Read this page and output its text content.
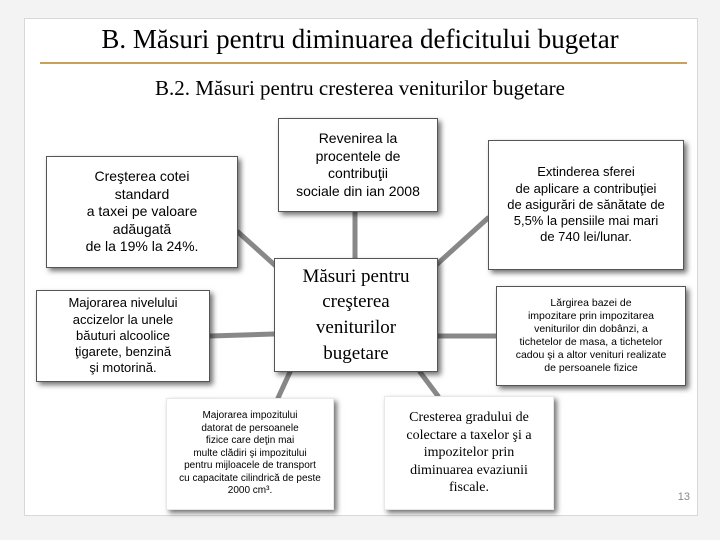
B. Măsuri pentru diminuarea deficitului bugetar
B.2. Măsuri pentru cresterea veniturilor bugetare
Revenirea la
procentele de
contribuţii
sociale din ian 2008
Creşterea cotei
standard
a taxei pe valoare
adăugată
de la 19% la 24%.
Extinderea sferei
de aplicare a contribuţiei
de asigurări de sănătate de
5,5% la pensiile mai mari
de 740 lei/lunar.
Măsuri pentru
creşterea
veniturilor
bugetare
Majorarea nivelului
accizelor la unele
băuturi alcoolice
ţigarete, benzină
şi motorină.
Lărgirea bazei de
impozitare prin impozitarea
veniturilor din dobânzi, a
tichetelor de masa, a tichetelor
cadou şi a altor venituri realizate
de persoanele fizice
Majorarea impozitului
datorat de persoanele
fizice care deţin mai
multe clădiri şi impozitului
pentru mijloacele de transport
cu capacitate cilindrică de peste
2000 cm³.
Cresterea gradului de
colectare a taxelor şi a
impozitelor prin
diminuarea evaziunii
fiscale.
13
